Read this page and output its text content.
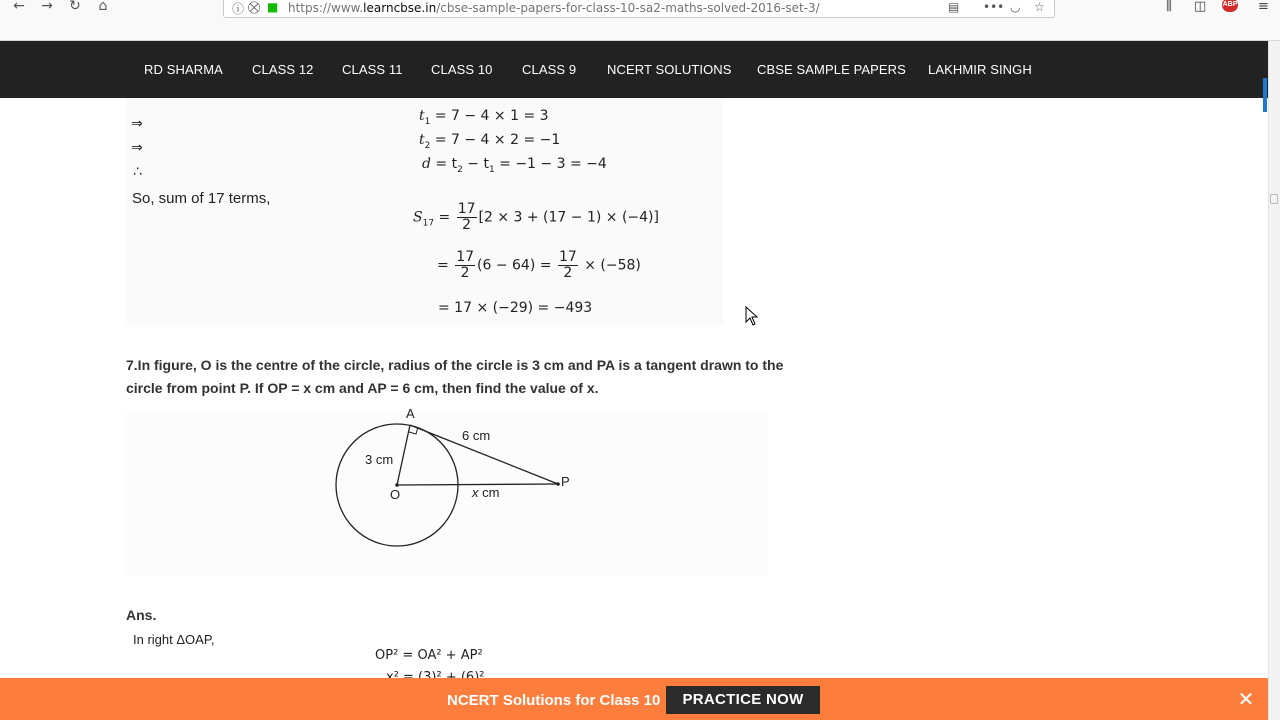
← → ↻	⌂	ⓘ ⛒ ■ https://www.learncbse.in/cbse-sample-papers-for-class-10-sa2-maths-solved-2016-set-3/	▤ ••• ◡ ☆	⫼ ◫ ABP ≡
RD SHARMA CLASS 12 CLASS 11 CLASS 10 CLASS 9 NCERT SOLUTIONS CBSE SAMPLE PAPERS LAKHMIR SINGH
⇒
⇒
∴
So, sum of 17 terms,
$t_1 = 7 - 4 \times 1 = 3$
$t_2 = 7 - 4 \times 2 = -1$
$d = t_2 - t_1 = -1 - 3 = -4$
$S_{17} = \frac{17}{2} [2 \times 3 + (17 - 1) \times (-4)]$
= $\frac{17}{2} (6 - 64) = \frac{17}{2} \times (-58)$
= 17 × (−29) = −493
7.In figure, O is the centre of the circle, radius of the circle is 3 cm and PA is a tangent drawn to the
circle from point P. If OP = x cm and AP = 6 cm, then find the value of x.
A
O
P
3 cm
6 cm
x cm
Ans.
In right ΔOAP,
OP² = OA² + AP²
NCERT Solutions for Class 10	PRACTICE NOW	✕
